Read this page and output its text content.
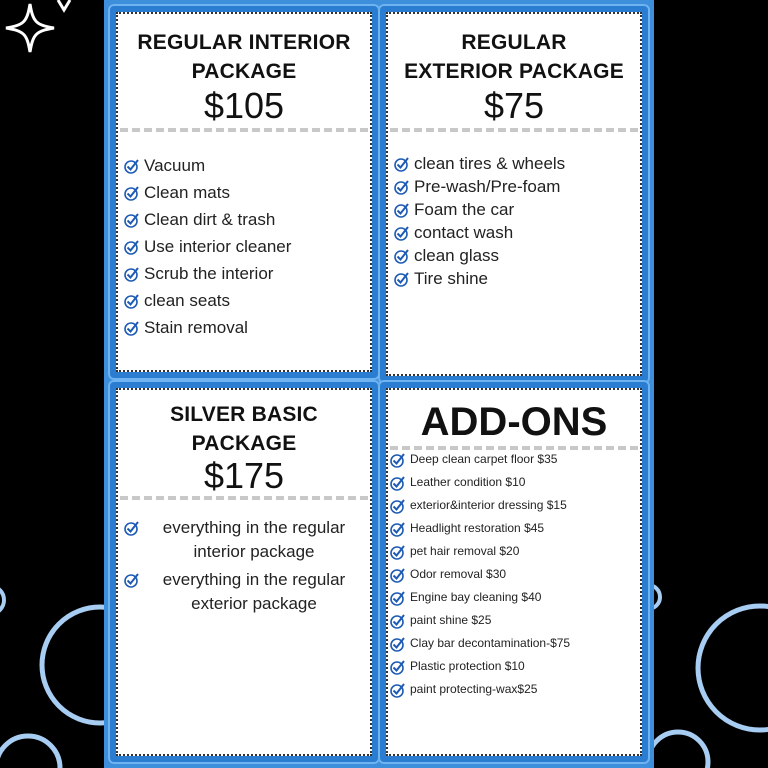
REGULAR INTERIOR PACKAGE
$105
Vacuum
Clean mats
Clean dirt & trash
Use interior cleaner
Scrub the interior
clean seats
Stain removal
REGULAR EXTERIOR PACKAGE
$75
clean tires & wheels
Pre-wash/Pre-foam
Foam the car
contact wash
clean glass
Tire shine
SILVER BASIC PACKAGE
$175
everything in the regular interior package
everything in the regular exterior package
ADD-ONS
Deep clean carpet floor $35
Leather condition $10
exterior&interior dressing $15
Headlight restoration $45
pet hair removal $20
Odor removal $30
Engine bay cleaning $40
paint shine $25
Clay bar decontamination-$75
Plastic protection $10
paint protecting-wax$25
